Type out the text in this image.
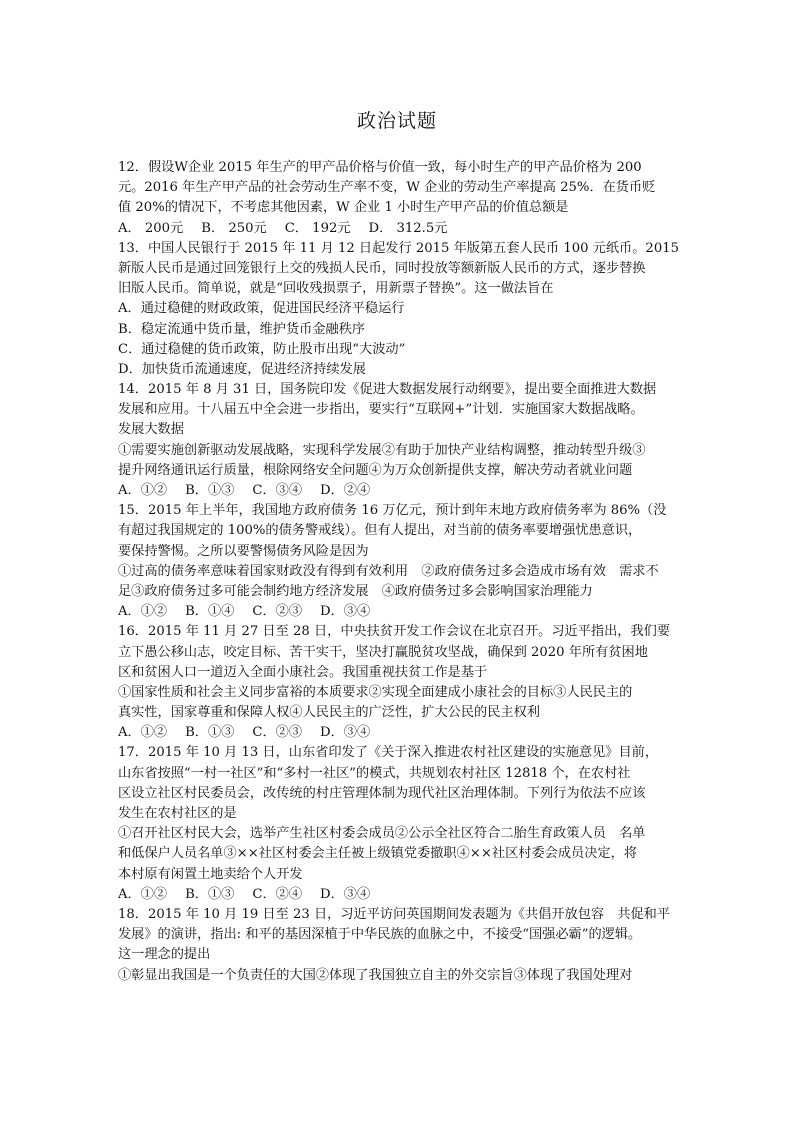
政治试题
12．假设W企业 2015 年生产的甲产品价格与价值一致，每小时生产的甲产品价格为 200
元。2016 年生产甲产品的社会劳动生产率不变，W 企业的劳动生产率提高 25%．在货币贬
值 20%的情况下，不考虑其他因素，W 企业 1 小时生产甲产品的价值总额是
A． 200元 B． 250元 C． 192元 D． 312.5元
13．中国人民银行于 2015 年 11 月 12 日起发行 2015 年版第五套人民币 100 元纸币。2015
新版人民币是通过回笼银行上交的残损人民币，同时投放等额新版人民币的方式，逐步替换
旧版人民币。简单说，就是“回收残损票子，用新票子替换”。这一做法旨在
A．通过稳健的财政政策，促进国民经济平稳运行
B．稳定流通中货币量，维护货币金融秩序
C．通过稳健的货币政策，防止股市出现“大波动”
D．加快货币流通速度，促进经济持续发展
14．2015 年 8 月 31 日，国务院印发《促进大数据发展行动纲要》，提出要全面推进大数据
发展和应用。十八届五中全会进一步指出，要实行“互联网+”计划．实施国家大数据战略。
发展大数据
①需要实施创新驱动发展战略，实现科学发展②有助于加快产业结构调整，推动转型升级③
提升网络通讯运行质量，根除网络安全问题④为万众创新提供支撑，解决劳动者就业问题
A．①② B．①③ C．③④ D．②④
15．2015 年上半年，我国地方政府债务 16 万亿元，预计到年末地方政府债务率为 86%（没
有超过我国规定的 100%的债务警戒线）。但有人提出，对当前的债务率要增强忧患意识，
要保持警惕。之所以要警惕债务风险是因为
①过高的债务率意味着国家财政没有得到有效利用　②政府债务过多会造成市场有效　需求不
足③政府债务过多可能会制约地方经济发展　④政府债务过多会影响国家治理能力
A．①② B．①④ C．②③ D．③④
16．2015 年 11 月 27 日至 28 日，中央扶贫开发工作会议在北京召开。习近平指出，我们要
立下愚公移山志，咬定目标、苦干实干，坚决打赢脱贫攻坚战，确保到 2020 年所有贫困地
区和贫困人口一道迈入全面小康社会。我国重视扶贫工作是基于
①国家性质和社会主义同步富裕的本质要求②实现全面建成小康社会的目标③人民民主的
真实性，国家尊重和保障人权④人民民主的广泛性，扩大公民的民主权利
A．①② B．①③ C．②③ D．③④
17．2015 年 10 月 13 日，山东省印发了《关于深入推进农村社区建设的实施意见》目前，
山东省按照“一村一社区”和“多村一社区”的模式，共规划农村社区 12818 个，在农村社
区设立社区村民委员会，改传统的村庄管理体制为现代社区治理体制。下列行为依法不应该
发生在农村社区的是
①召开社区村民大会，选举产生社区村委会成员②公示全社区符合二胎生育政策人员　名单
和低保户人员名单③××社区村委会主任被上级镇党委撤职④××社区村委会成员决定，将
本村原有闲置土地卖给个人开发
A．①② B．①③ C．②④ D．③④
18．2015 年 10 月 19 日至 23 日，习近平访问英国期间发表题为《共倡开放包容　共促和平
发展》的演讲，指出: 和平的基因深植于中华民族的血脉之中，不接受“国强必霸”的逻辑。
这一理念的提出
①彰显出我国是一个负责任的大国②体现了我国独立自主的外交宗旨③体现了我国处理对
